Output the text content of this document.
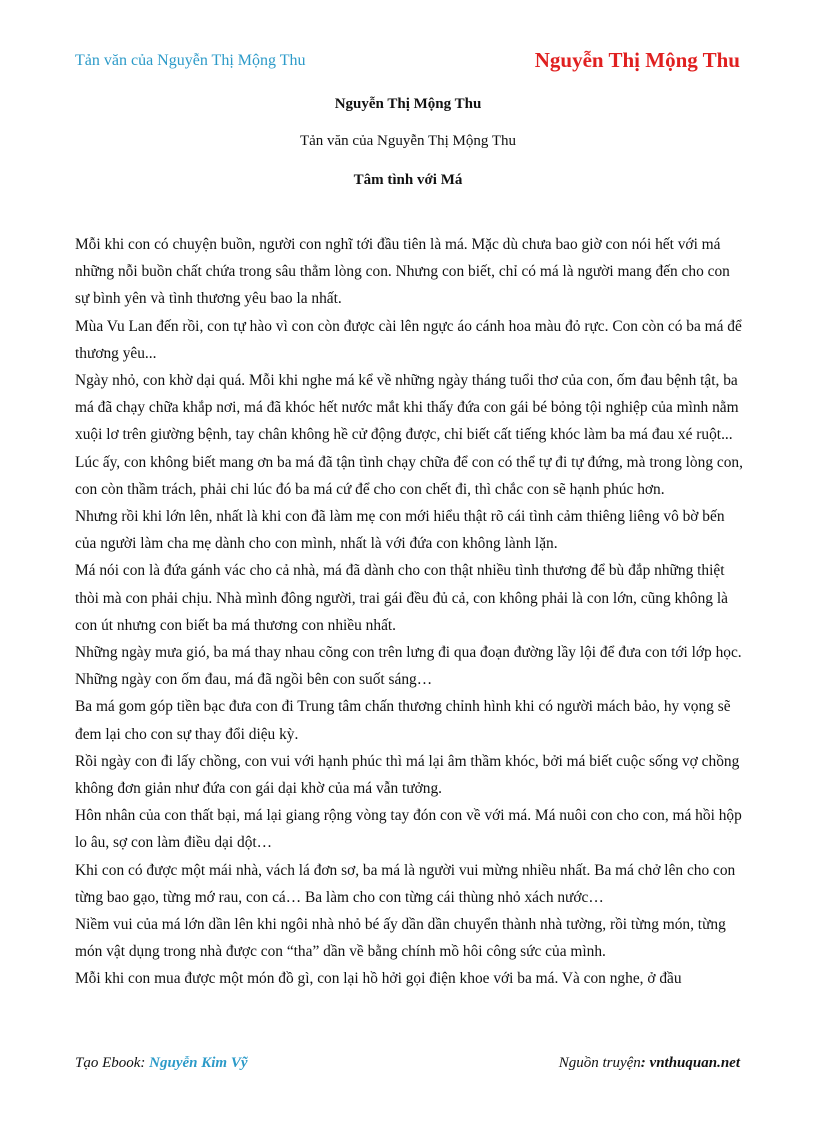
Tản văn của Nguyễn Thị Mộng Thu	Nguyễn Thị Mộng Thu
Nguyễn Thị Mộng Thu
Tản văn của Nguyễn Thị Mộng Thu
Tâm tình với Má

Mỗi khi con có chuyện buồn, người con nghĩ tới đầu tiên là má. Mặc dù chưa bao giờ con nói hết với má những nỗi buồn chất chứa trong sâu thẳm lòng con. Nhưng con biết, chỉ có má là người mang đến cho con sự bình yên và tình thương yêu bao la nhất.

Mùa Vu Lan đến rồi, con tự hào vì con còn được cài lên ngực áo cánh hoa màu đỏ rực. Con còn có ba má để thương yêu...

Ngày nhỏ, con khờ dại quá. Mỗi khi nghe má kể về những ngày tháng tuổi thơ của con, ốm đau bệnh tật, ba má đã chạy chữa khắp nơi, má đã khóc hết nước mắt khi thấy đứa con gái bé bỏng tội nghiệp của mình nằm xuội lơ trên giường bệnh, tay chân không hề cử động được, chỉ biết cất tiếng khóc làm ba má đau xé ruột... Lúc ấy, con không biết mang ơn ba má đã tận tình chạy chữa để con có thể tự đi tự đứng, mà trong lòng con, con còn thầm trách, phải chi lúc đó ba má cứ để cho con chết đi, thì chắc con sẽ hạnh phúc hơn.

Nhưng rồi khi lớn lên, nhất là khi con đã làm mẹ con mới hiểu thật rõ cái tình cảm thiêng liêng vô bờ bến của người làm cha mẹ dành cho con mình, nhất là với đứa con không lành lặn.

Má nói con là đứa gánh vác cho cả nhà, má đã dành cho con thật nhiều tình thương để bù đắp những thiệt thòi mà con phải chịu. Nhà mình đông người, trai gái đều đủ cả, con không phải là con lớn, cũng không là con út nhưng con biết ba má thương con nhiều nhất.

Những ngày mưa gió, ba má thay nhau cõng con trên lưng đi qua đoạn đường lầy lội để đưa con tới lớp học. Những ngày con ốm đau, má đã ngồi bên con suốt sáng…

Ba má gom góp tiền bạc đưa con đi Trung tâm chấn thương chỉnh hình khi có người mách bảo, hy vọng sẽ đem lại cho con sự thay đổi diệu kỳ.

Rồi ngày con đi lấy chồng, con vui với hạnh phúc thì má lại âm thầm khóc, bởi má biết cuộc sống vợ chồng không đơn giản như đứa con gái dại khờ của má vẫn tưởng.

Hôn nhân của con thất bại, má lại giang rộng vòng tay đón con về với má. Má nuôi con cho con, má hồi hộp lo âu, sợ con làm điều dại dột…

Khi con có được một mái nhà, vách lá đơn sơ, ba má là người vui mừng nhiều nhất. Ba má chở lên cho con từng bao gạo, từng mớ rau, con cá… Ba làm cho con từng cái thùng nhỏ xách nước…

Niềm vui của má lớn dần lên khi ngôi nhà nhỏ bé ấy dần dần chuyển thành nhà tường, rồi từng món, từng món vật dụng trong nhà được con “tha” dần về bằng chính mồ hôi công sức của mình.

Mỗi khi con mua được một món đồ gì, con lại hồ hởi gọi điện khoe với ba má. Và con nghe, ở đầu

Tạo Ebook: Nguyễn Kim Vỹ	Nguồn truyện: vnthuquan.net
